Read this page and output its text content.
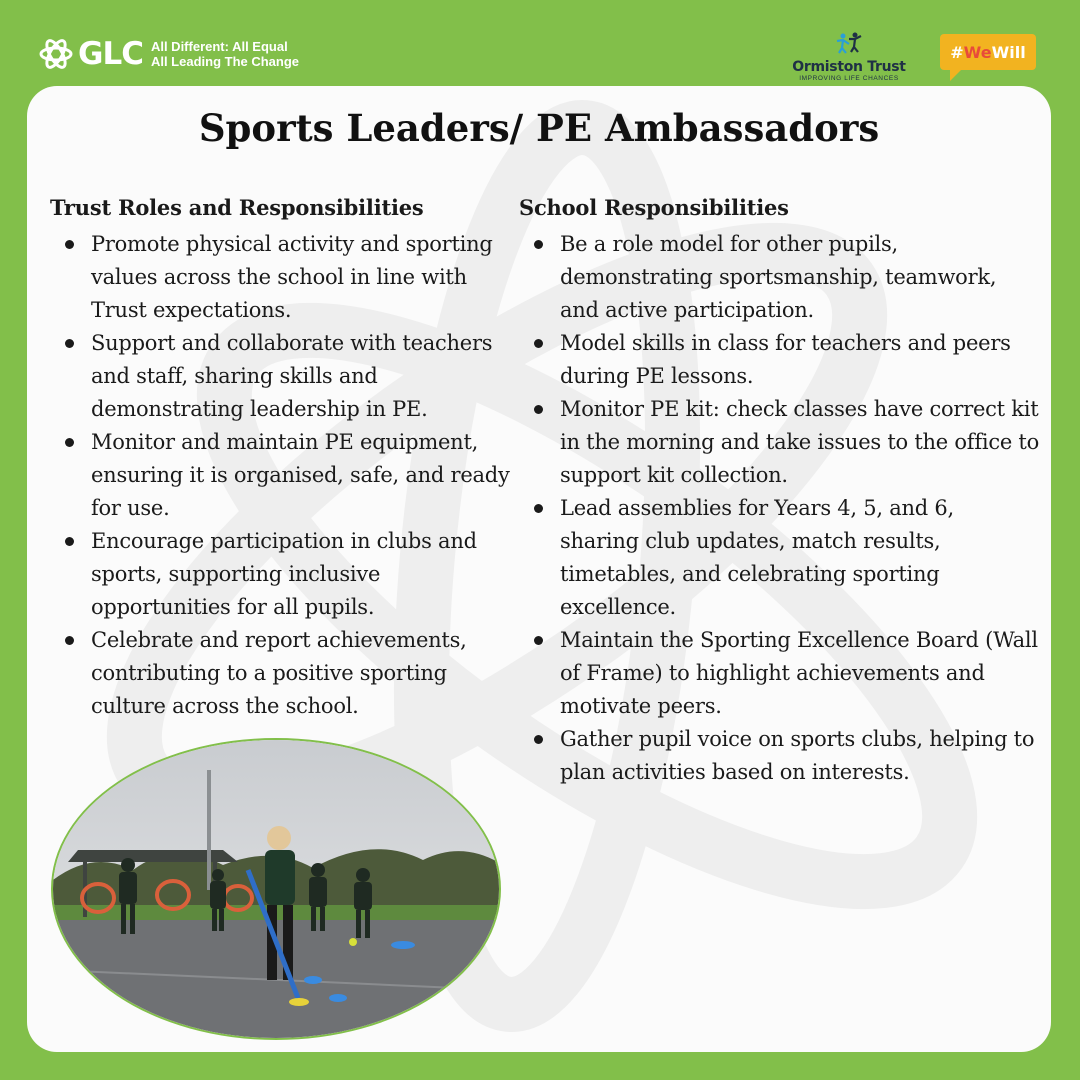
GLC All Different: All Equal
All Leading The Change	Ormiston Trust
IMPROVING LIFE CHANCES
# We Will
Sports Leaders/ PE Ambassadors
Trust Roles and Responsibilities
Promote physical activity and sporting values across the school in line with Trust expectations.
Support and collaborate with teachers and staff, sharing skills and demonstrating leadership in PE.
Monitor and maintain PE equipment, ensuring it is organised, safe, and ready for use.
Encourage participation in clubs and sports, supporting inclusive opportunities for all pupils.
Celebrate and report achievements, contributing to a positive sporting culture across the school.
School Responsibilities
Be a role model for other pupils, demonstrating sportsmanship, teamwork, and active participation.
Model skills in class for teachers and peers during PE lessons.
Monitor PE kit: check classes have correct kit in the morning and take issues to the office to support kit collection.
Lead assemblies for Years 4, 5, and 6, sharing club updates, match results, timetables, and celebrating sporting excellence.
Maintain the Sporting Excellence Board (Wall of Frame) to highlight achievements and motivate peers.
Gather pupil voice on sports clubs, helping to plan activities based on interests.
